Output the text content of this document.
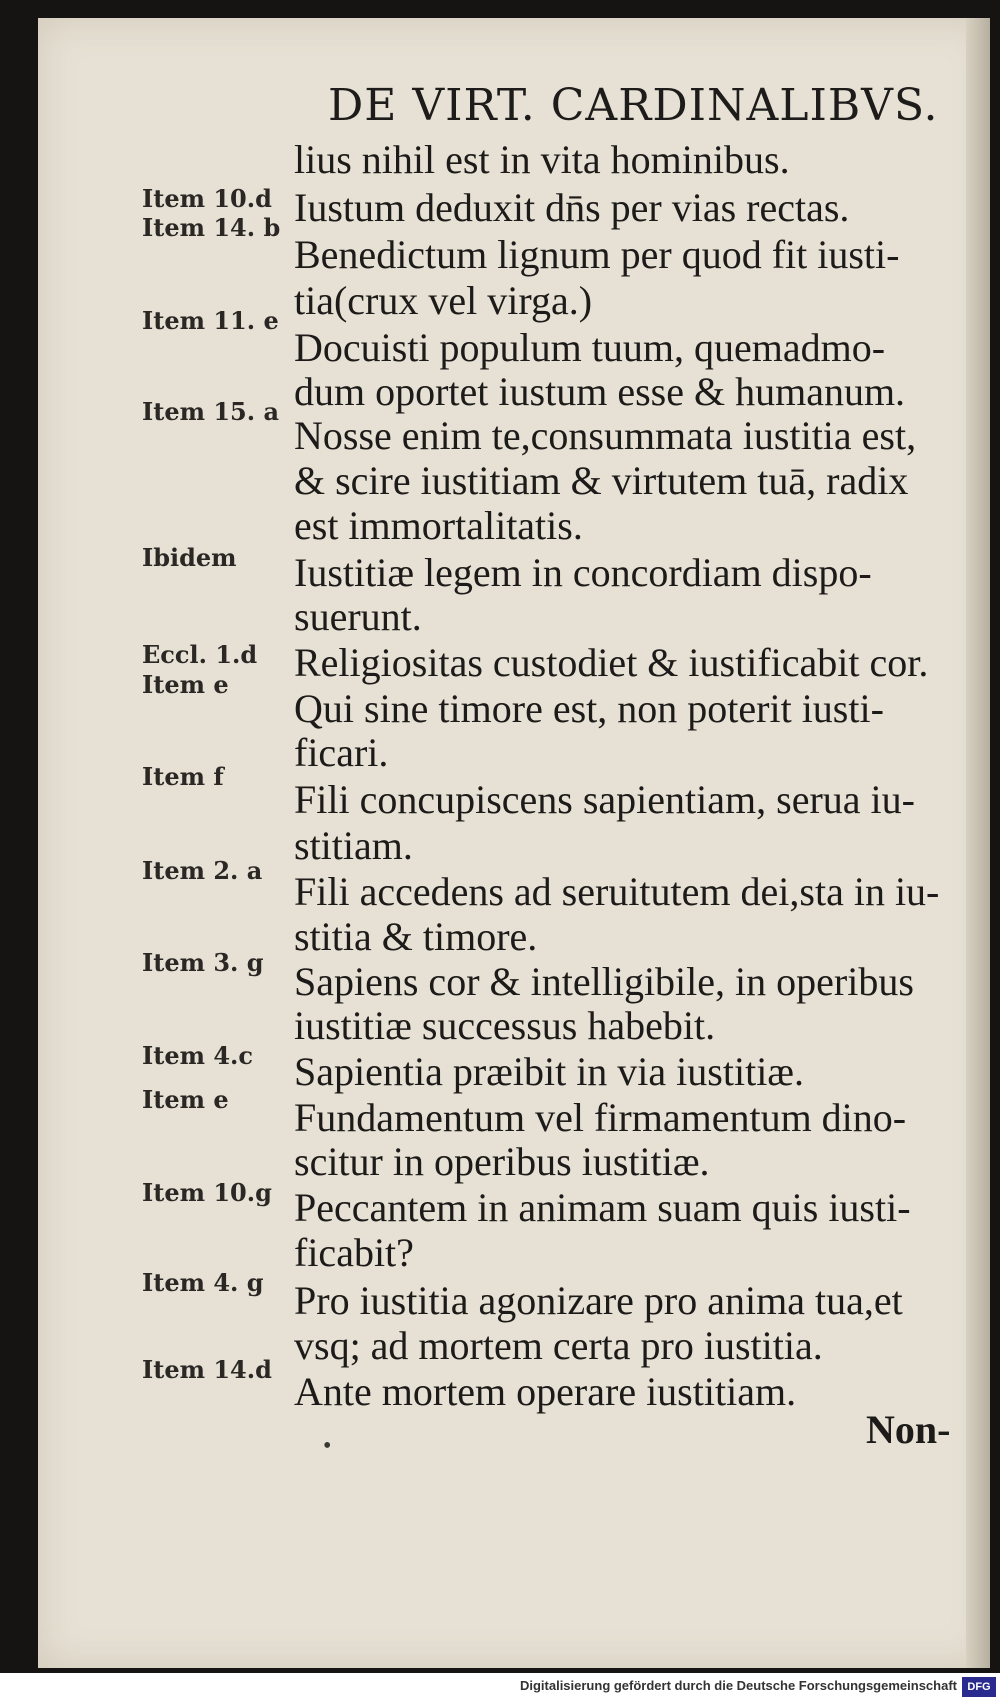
DE VIRT. CARDINALIBVS.
lius nihil est in vita hominibus.
Iustum deduxit dn̄s per vias rectas.
Benedictum lignum per quod fit iusti-
tia(crux vel virga.)
Docuisti populum tuum, quemadmo-
dum oportet iustum esse & humanum.
Nosse enim te,consummata iustitia est,
& scire iustitiam & virtutem tuā, radix
est immortalitatis.
Iustitiæ legem in concordiam dispo-
suerunt.
Religiositas custodiet & iustificabit cor.
Qui sine timore est, non poterit iusti-
ficari.
Fili concupiscens sapientiam, serua iu-
stitiam.
Fili accedens ad seruitutem dei,sta in iu-
stitia & timore.
Sapiens cor & intelligibile, in operibus
iustitiæ successus habebit.
Sapientia præibit in via iustitiæ.
Fundamentum vel firmamentum dino-
scitur in operibus iustitiæ.
Peccantem in animam suam quis iusti-
ficabit?
Pro iustitia agonizare pro anima tua,et
vsq; ad mortem certa pro iustitia.
Ante mortem operare iustitiam.
Item 10.d
Item 14. b
Item 11. e
Item 15. a
Ibidem
Eccl. 1.d
Item e
Item f
Item 2. a
Item 3. g
Item 4.c
Item e
Item 10.g
Item 4. g
Item 14.d
Non-
•
Digitalisierung gefördert durch die Deutsche Forschungsgemeinschaft DFG
